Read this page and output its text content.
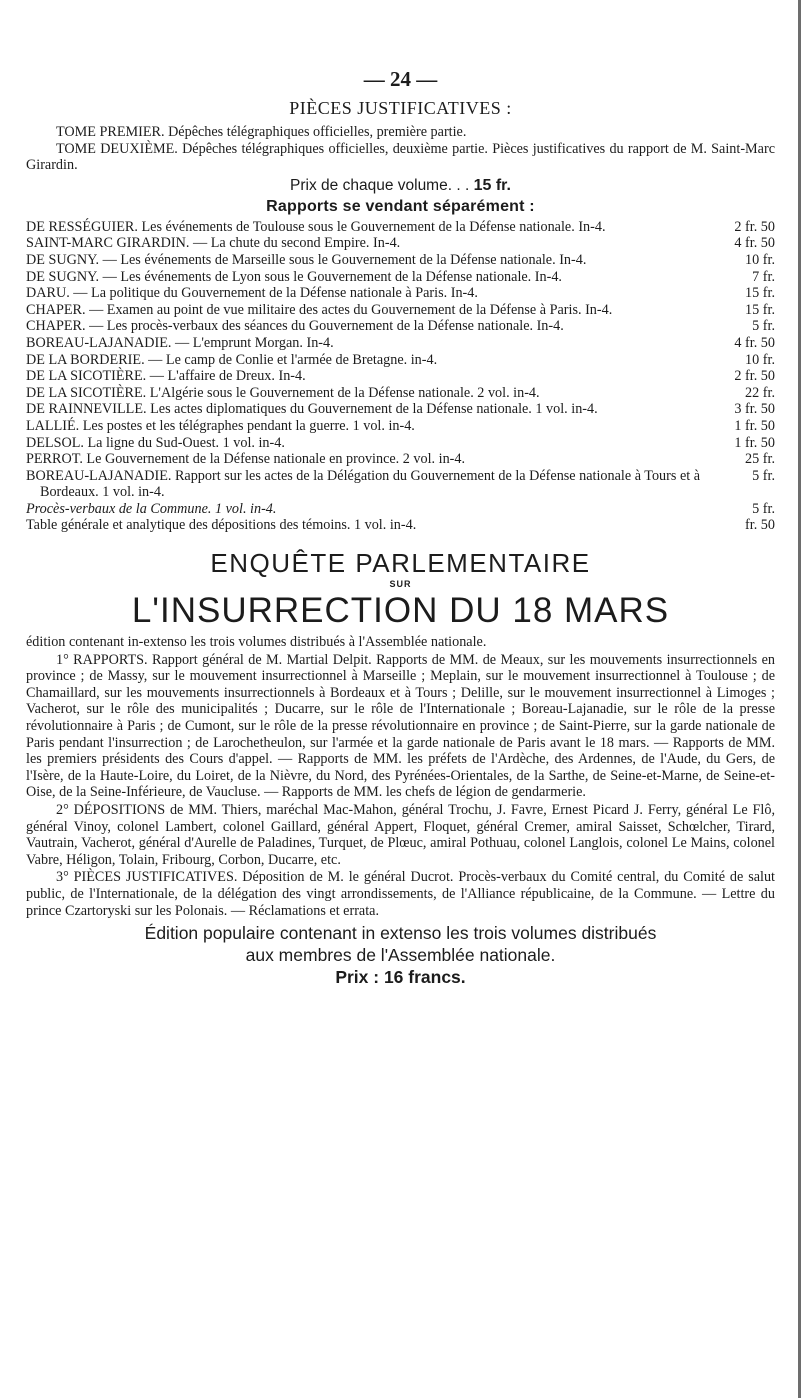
— 24 —
PIÈCES JUSTIFICATIVES :

TOME PREMIER. Dépêches télégraphiques officielles, première partie.

TOME DEUXIÈME. Dépêches télégraphiques officielles, deuxième partie. Pièces justificatives du rapport de M. Saint-Marc Girardin.

Prix de chaque volume. . . 15 fr.
Rapports se vendant séparément :
DE RESSÉGUIER. Les événements de Toulouse sous le Gouvernement de la Défense nationale. In-4.	2 fr. 50
SAINT-MARC GIRARDIN. — La chute du second Empire. In-4.	4 fr. 50
DE SUGNY. — Les événements de Marseille sous le Gouvernement de la Défense nationale. In-4.	10 fr.
DE SUGNY. — Les événements de Lyon sous le Gouvernement de la Défense nationale. In-4.	7 fr.
DARU. — La politique du Gouvernement de la Défense nationale à Paris. In-4.	15 fr.
CHAPER. — Examen au point de vue militaire des actes du Gouvernement de la Défense à Paris. In-4.	15 fr.
CHAPER. — Les procès-verbaux des séances du Gouvernement de la Défense nationale. In-4.	5 fr.
BOREAU-LAJANADIE. — L'emprunt Morgan. In-4.	4 fr. 50
DE LA BORDERIE. — Le camp de Conlie et l'armée de Bretagne. in-4.	10 fr.
DE LA SICOTIÈRE. — L'affaire de Dreux. In-4.	2 fr. 50
DE LA SICOTIÈRE. L'Algérie sous le Gouvernement de la Défense nationale. 2 vol. in-4.	22 fr.
DE RAINNEVILLE. Les actes diplomatiques du Gouvernement de la Défense nationale. 1 vol. in-4.	3 fr. 50
LALLIÉ. Les postes et les télégraphes pendant la guerre. 1 vol. in-4.	1 fr. 50
DELSOL. La ligne du Sud-Ouest. 1 vol. in-4.	1 fr. 50
PERROT. Le Gouvernement de la Défense nationale en province. 2 vol. in-4.	25 fr.
BOREAU-LAJANADIE. Rapport sur les actes de la Délégation du Gouvernement de la Défense nationale à Tours et à Bordeaux. 1 vol. in-4.
5 fr.
Procès-verbaux de la Commune. 1 vol. in-4.	5 fr.
Table générale et analytique des dépositions des témoins. 1 vol. in-4.	fr. 50
ENQUÊTE PARLEMENTAIRE
SUR
L'INSURRECTION DU 18 MARS

édition contenant in-extenso les trois volumes distribués à l'Assemblée nationale.

1° RAPPORTS. Rapport général de M. Martial Delpit. Rapports de MM. de Meaux, sur les mouvements insurrectionnels en province ; de Massy, sur le mouvement insurrectionnel à Marseille ; Meplain, sur le mouvement insurrectionnel à Toulouse ; de Chamaillard, sur les mouvements insurrectionnels à Bordeaux et à Tours ; Delille, sur le mouvement insurrectionnel à Limoges ; Vacherot, sur le rôle des municipalités ; Ducarre, sur le rôle de l'Internationale ; Boreau-Lajanadie, sur le rôle de la presse révolutionnaire à Paris ; de Cumont, sur le rôle de la presse révolutionnaire en province ; de Saint-Pierre, sur la garde nationale de Paris pendant l'insurrection ; de Larochetheulon, sur l'armée et la garde nationale de Paris avant le 18 mars. — Rapports de MM. les premiers présidents des Cours d'appel. — Rapports de MM. les préfets de l'Ardèche, des Ardennes, de l'Aude, du Gers, de l'Isère, de la Haute-Loire, du Loiret, de la Nièvre, du Nord, des Pyrénées-Orientales, de la Sarthe, de Seine-et-Marne, de Seine-et-Oise, de la Seine-Inférieure, de Vaucluse. — Rapports de MM. les chefs de légion de gendarmerie.

2° DÉPOSITIONS de MM. Thiers, maréchal Mac-Mahon, général Trochu, J. Favre, Ernest Picard J. Ferry, général Le Flô, général Vinoy, colonel Lambert, colonel Gaillard, général Appert, Floquet, général Cremer, amiral Saisset, Schœlcher, Tirard, Vautrain, Vacherot, général d'Aurelle de Paladines, Turquet, de Plœuc, amiral Pothuau, colonel Langlois, colonel Le Mains, colonel Vabre, Héligon, Tolain, Fribourg, Corbon, Ducarre, etc.

3° PIÈCES JUSTIFICATIVES. Déposition de M. le général Ducrot. Procès-verbaux du Comité central, du Comité de salut public, de l'Internationale, de la délégation des vingt arrondissements, de l'Alliance républicaine, de la Commune. — Lettre du prince Czartoryski sur les Polonais. — Réclamations et errata.

Édition populaire contenant in extenso les trois volumes distribués
aux membres de l'Assemblée nationale.
Prix : 16 francs.
